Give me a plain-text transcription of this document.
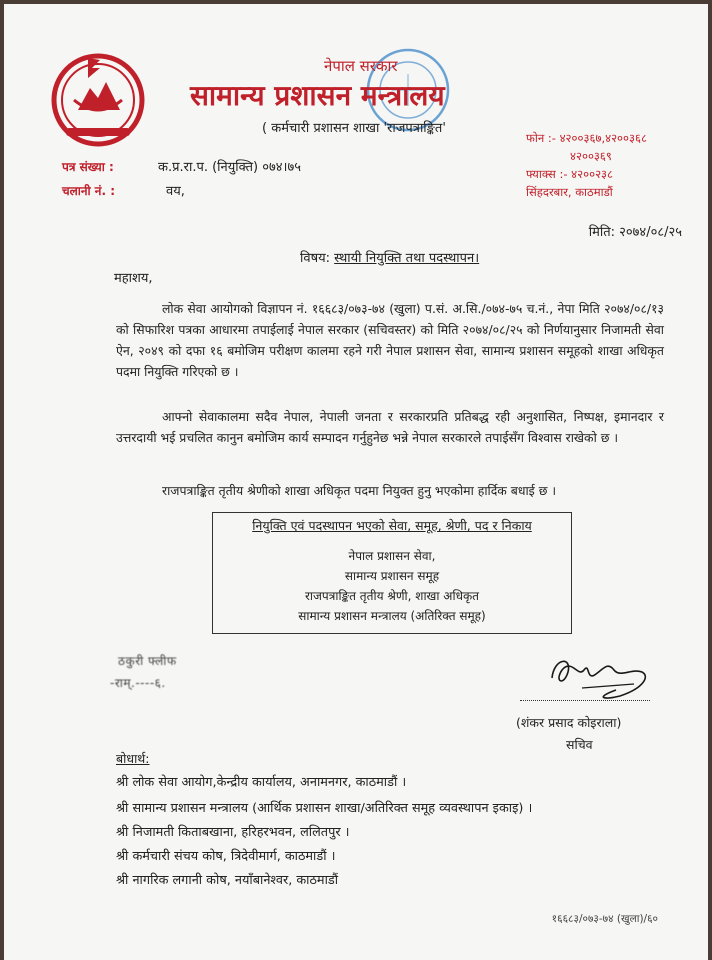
नेपाल सरकार
सामान्य प्रशासन मन्त्रालय
( कर्मचारी प्रशासन शाखा 'राजपत्राङ्कित'
फोन :- ४२००३६७,४२००३६८
४२००३६९
फ्याक्स :- ४२००२३८
सिंहदरबार, काठमाडौं
पत्र संख्या :	क.प्र.रा.प. (नियुक्ति) ०७४।७५
चलानी नं. :	वय,
मिति: २०७४/०८/२५
विषय: स्थायी नियुक्ति तथा पदस्थापन।
महाशय,
लोक सेवा आयोगको विज्ञापन नं. १६६८३/०७३-७४ (खुला) प.सं. अ.सि./०७४-७५ च.नं., नेपा मिति २०७४/०८/१३ को सिफारिश पत्रका आधारमा तपाईलाई नेपाल सरकार (सचिवस्तर) को मिति २०७४/०८/२५ को निर्णयानुसार निजामती सेवा ऐन, २०४९ को दफा १६ बमोजिम परीक्षण कालमा रहने गरी नेपाल प्रशासन सेवा, सामान्य प्रशासन समूहको शाखा अधिकृत पदमा नियुक्ति गरिएको छ ।
आफ्नो सेवाकालमा सदैव नेपाल, नेपाली जनता र सरकारप्रति प्रतिबद्ध रही अनुशासित, निष्पक्ष, इमानदार र उत्तरदायी भई प्रचलित कानुन बमोजिम कार्य सम्पादन गर्नुहुनेछ भन्ने नेपाल सरकारले तपाईसँग विश्वास राखेको छ ।
राजपत्राङ्कित तृतीय श्रेणीको शाखा अधिकृत पदमा नियुक्त हुनु भएकोमा हार्दिक बधाई छ ।
नियुक्ति एवं पदस्थापन भएको सेवा, समूह, श्रेणी, पद र निकाय
नेपाल प्रशासन सेवा,
सामान्य प्रशासन समूह
राजपत्राङ्कित तृतीय श्रेणी, शाखा अधिकृत
सामान्य प्रशासन मन्त्रालय (अतिरिक्त समूह)
ठकुरी फ्लीफ
-राम्.----६.
(शंकर प्रसाद कोइराला)
सचिव
बोधार्थ:
श्री लोक सेवा आयोग,केन्द्रीय कार्यालय, अनामनगर, काठमाडौं ।
श्री सामान्य प्रशासन मन्त्रालय (आर्थिक प्रशासन शाखा/अतिरिक्त समूह व्यवस्थापन इकाइ) ।
श्री निजामती किताबखाना, हरिहरभवन, ललितपुर ।
श्री कर्मचारी संचय कोष, त्रिदेवीमार्ग, काठमाडौं ।
श्री नागरिक लगानी कोष, नयाँबानेश्वर, काठमाडौं
१६६८३/०७३-७४ (खुला)/६०
